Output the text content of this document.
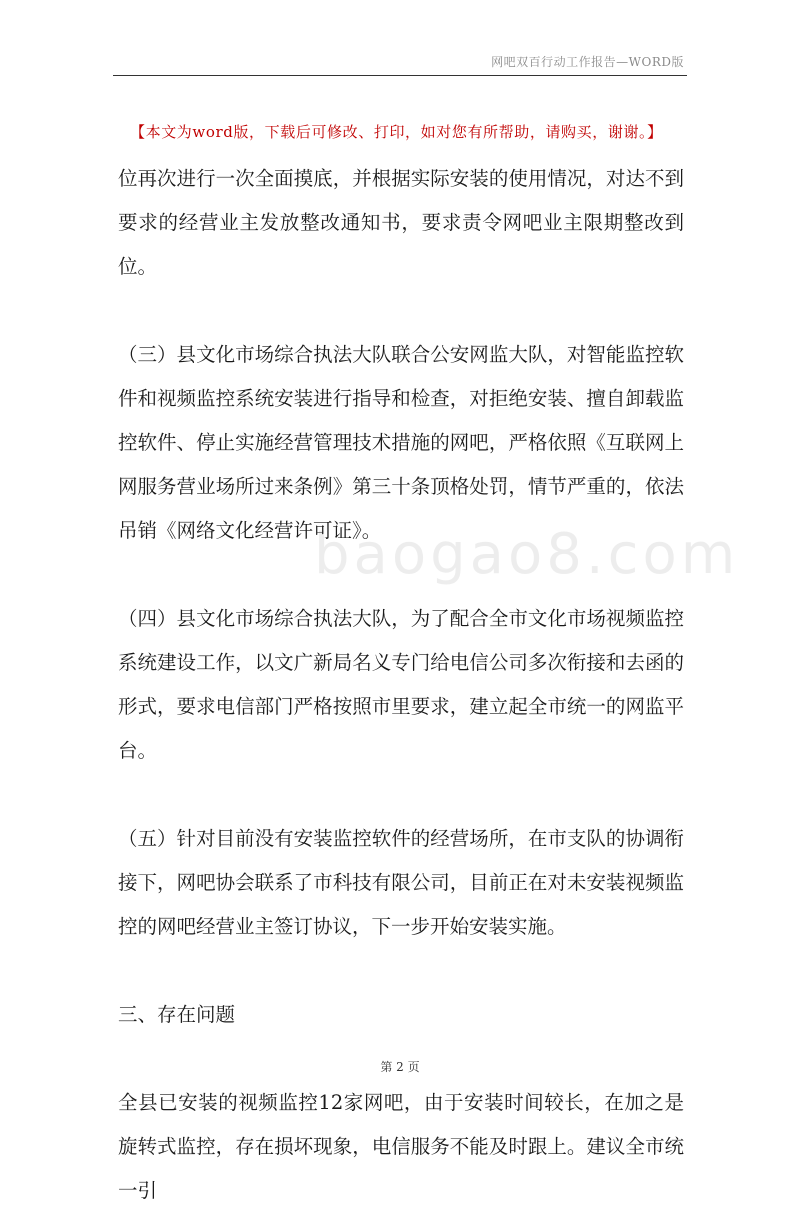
网吧双百行动工作报告—WORD版
【本文为word版，下载后可修改、打印，如对您有所帮助，请购买，谢谢。】
baogao8.com

位再次进行一次全面摸底，并根据实际安装的使用情况，对达不到要求的经营业主发放整改通知书，要求责令网吧业主限期整改到位。

（三）县文化市场综合执法大队联合公安网监大队，对智能监控软件和视频监控系统安装进行指导和检查，对拒绝安装、擅自卸载监控软件、停止实施经营管理技术措施的网吧，严格依照《互联网上网服务营业场所过来条例》第三十条顶格处罚，情节严重的，依法吊销《网络文化经营许可证》。

（四）县文化市场综合执法大队，为了配合全市文化市场视频监控系统建设工作，以文广新局名义专门给电信公司多次衔接和去函的形式，要求电信部门严格按照市里要求，建立起全市统一的网监平台。

（五）针对目前没有安装监控软件的经营场所，在市支队的协调衔接下，网吧协会联系了市科技有限公司，目前正在对未安装视频监控的网吧经营业主签订协议，下一步开始安装实施。

三、存在问题

全县已安装的视频监控12家网吧，由于安装时间较长，在加之是旋转式监控，存在损坏现象，电信服务不能及时跟上。建议全市统一引

第 2 页
